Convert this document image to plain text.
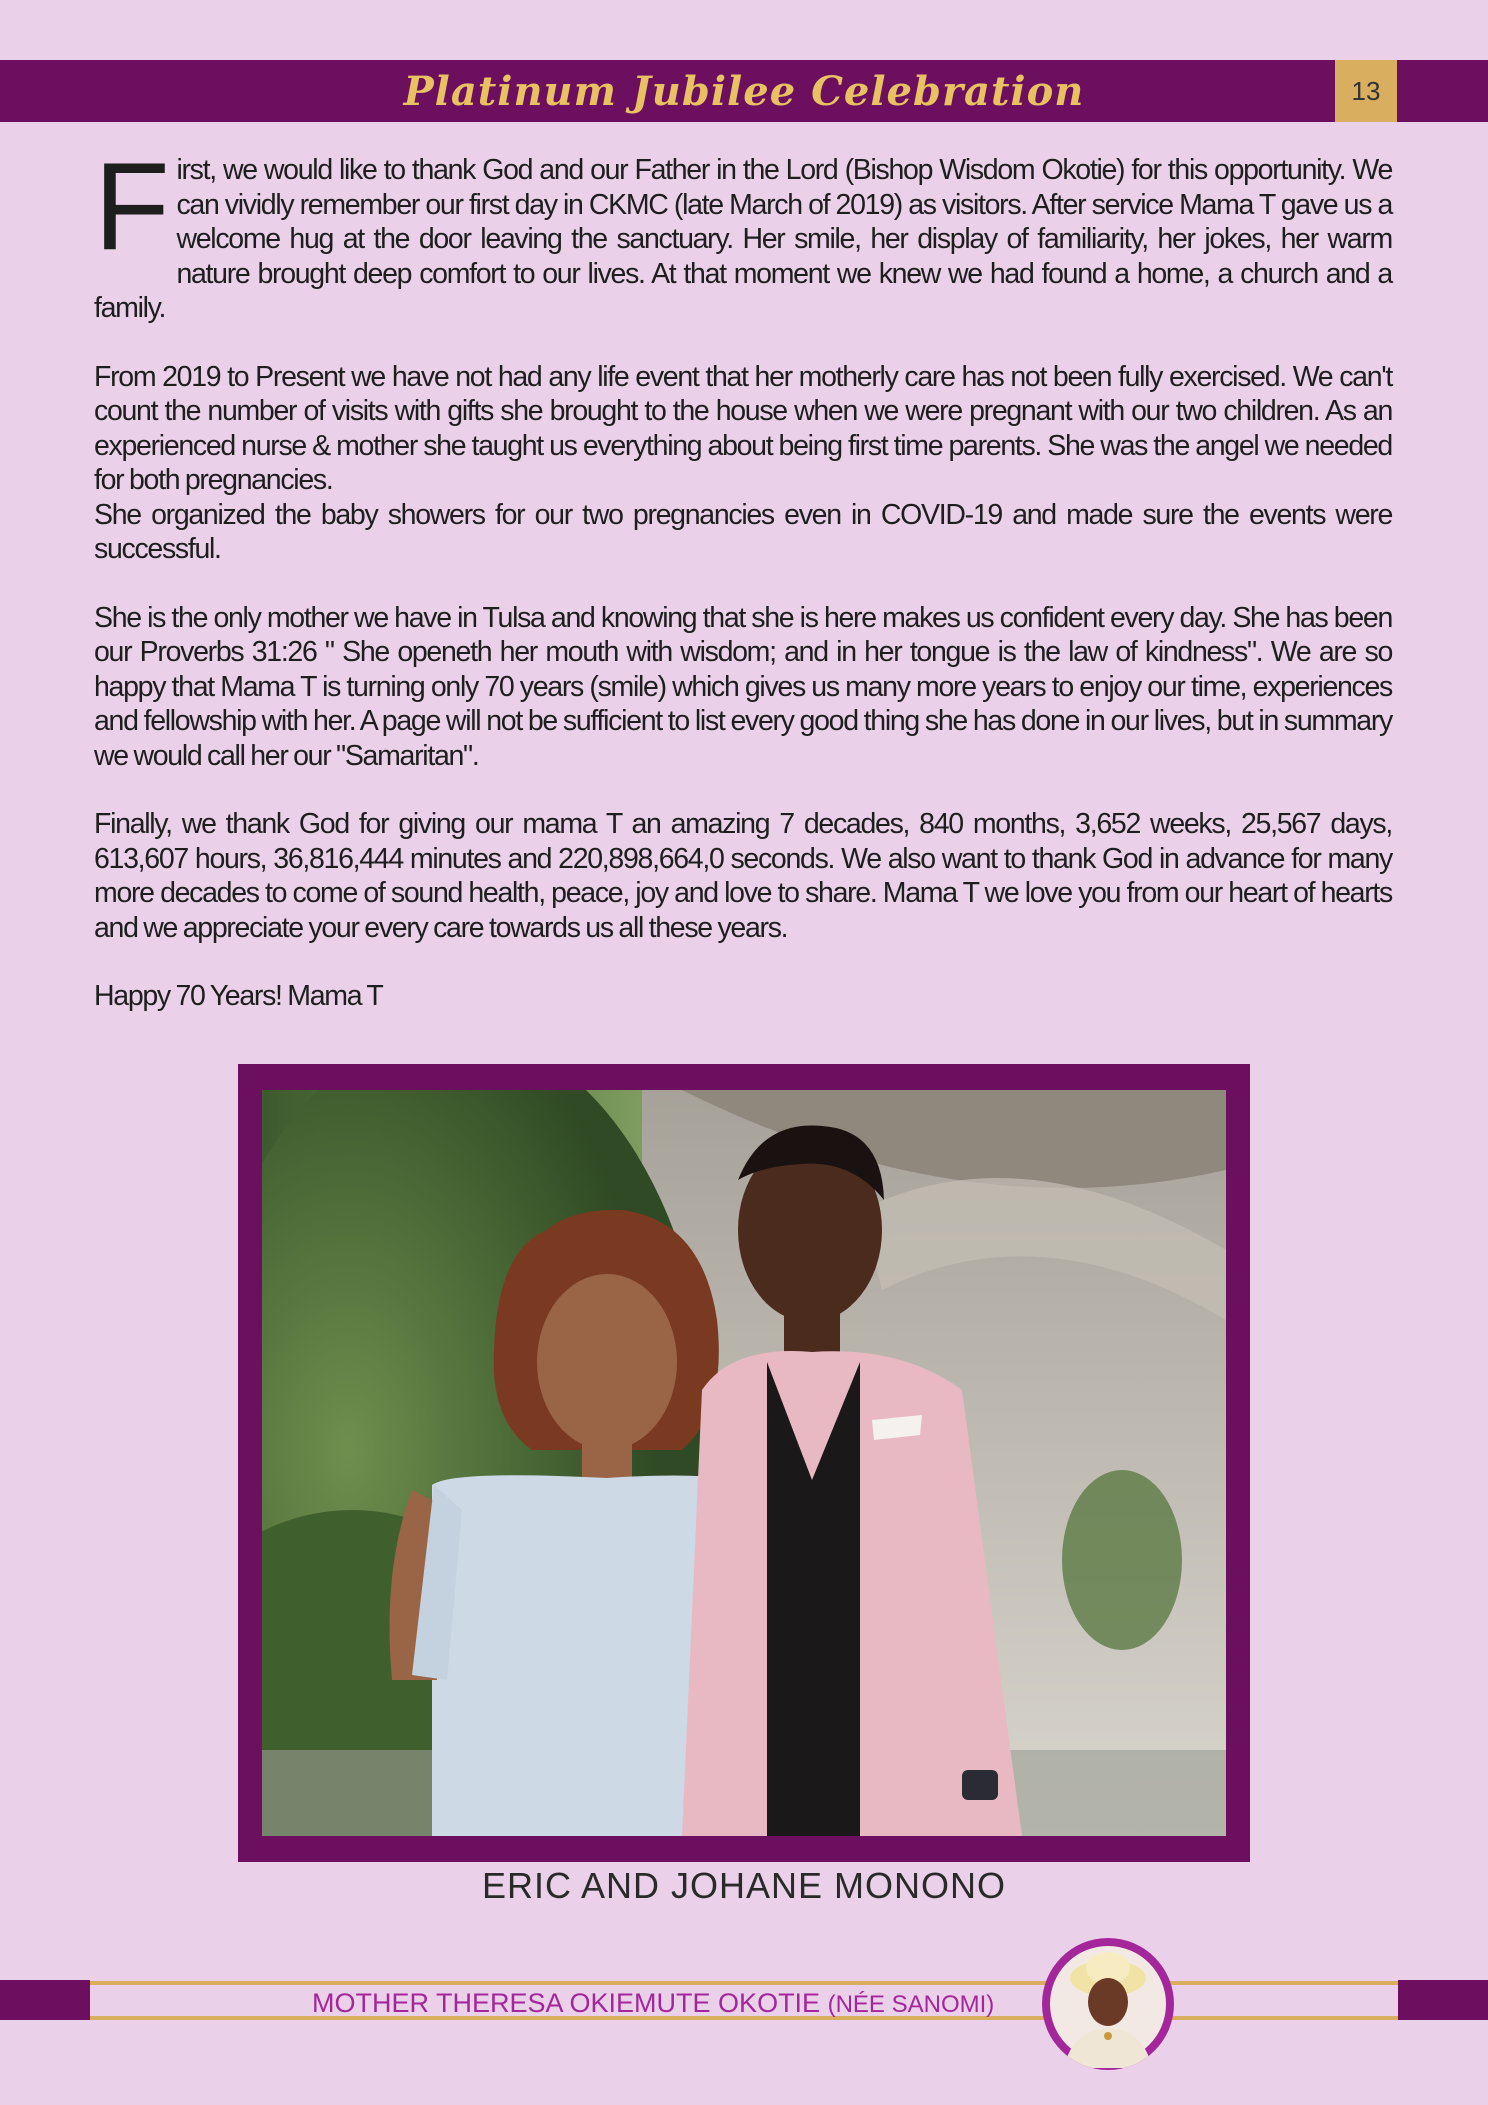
Platinum Jubilee Celebration	13

First, we would like to thank God and our Father in the Lord (Bishop Wisdom Okotie) for this opportunity. We can vividly remember our first day in CKMC (late March of 2019) as visitors. After service Mama T gave us a welcome hug at the door leaving the sanctuary. Her smile, her display of familiarity, her jokes, her warm nature brought deep comfort to our lives. At that moment we knew we had found a home, a church and a family.

From 2019 to Present we have not had any life event that her motherly care has not been fully exercised. We can't count the number of visits with gifts she brought to the house when we were pregnant with our two children. As an experienced nurse & mother she taught us everything about being first time parents. She was the angel we needed for both pregnancies.

She organized the baby showers for our two pregnancies even in COVID-19 and made sure the events were successful.

She is the only mother we have in Tulsa and knowing that she is here makes us confident every day. She has been our Proverbs 31:26 " She openeth her mouth with wisdom; and in her tongue is the law of kindness". We are so happy that Mama T is turning only 70 years (smile) which gives us many more years to enjoy our time, experiences and fellowship with her. A page will not be sufficient to list every good thing she has done in our lives, but in summary we would call her our "Samaritan".

Finally, we thank God for giving our mama T an amazing 7 decades, 840 months, 3,652 weeks, 25,567 days, 613,607 hours, 36,816,444 minutes and 220,898,664,0 seconds. We also want to thank God in advance for many more decades to come of sound health, peace, joy and love to share. Mama T we love you from our heart of hearts and we appreciate your every care towards us all these years.

Happy 70 Years! Mama T

ERIC AND JOHANE MONONO
MOTHER THERESA OKIEMUTE OKOTIE (NÉE SANOMI)
